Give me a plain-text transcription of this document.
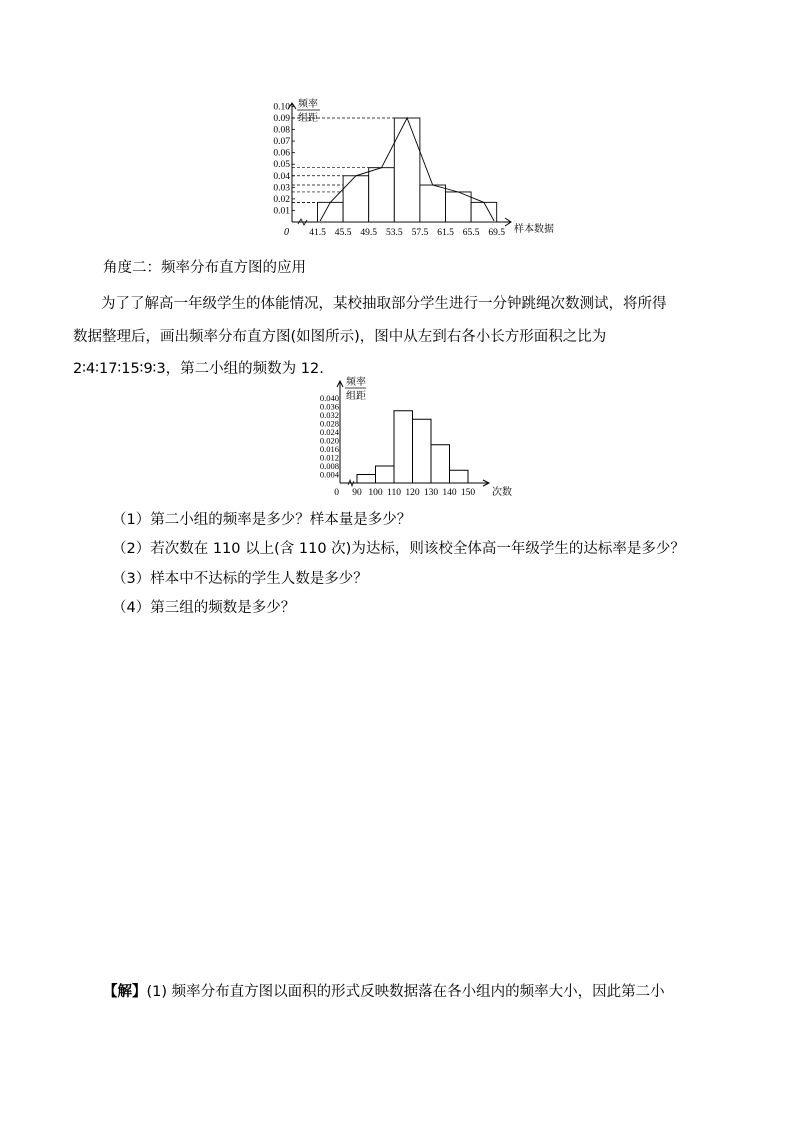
0.01
0.02
0.03
0.04
0.05
0.06
0.07
0.08
0.09
0.10
41.5 45.5 49.5 53.5 57.5 61.5 65.5 69.5
0	样本数据
频率
组距
角度二：频率分布直方图的应用
为了了解高一年级学生的体能情况，某校抽取部分学生进行一分钟跳绳次数测试，将所得
数据整理后，画出频率分布直方图(如图所示)，图中从左到右各小长方形面积之比为
2∶4∶17∶15∶9∶3，第二小组的频数为 12.
0.004
0.008
0.012
0.016
0.020
0.024
0.028
0.032
0.036
0.040
90 100 110 120 130 140 150
0	次数
频率
组距
（1）第二小组的频率是多少？样本量是多少？
（2）若次数在 110 以上(含 110 次)为达标，则该校全体高一年级学生的达标率是多少？
（3）样本中不达标的学生人数是多少？
（4）第三组的频数是多少？
【解】(1) 频率分布直方图以面积的形式反映数据落在各小组内的频率大小，因此第二小
